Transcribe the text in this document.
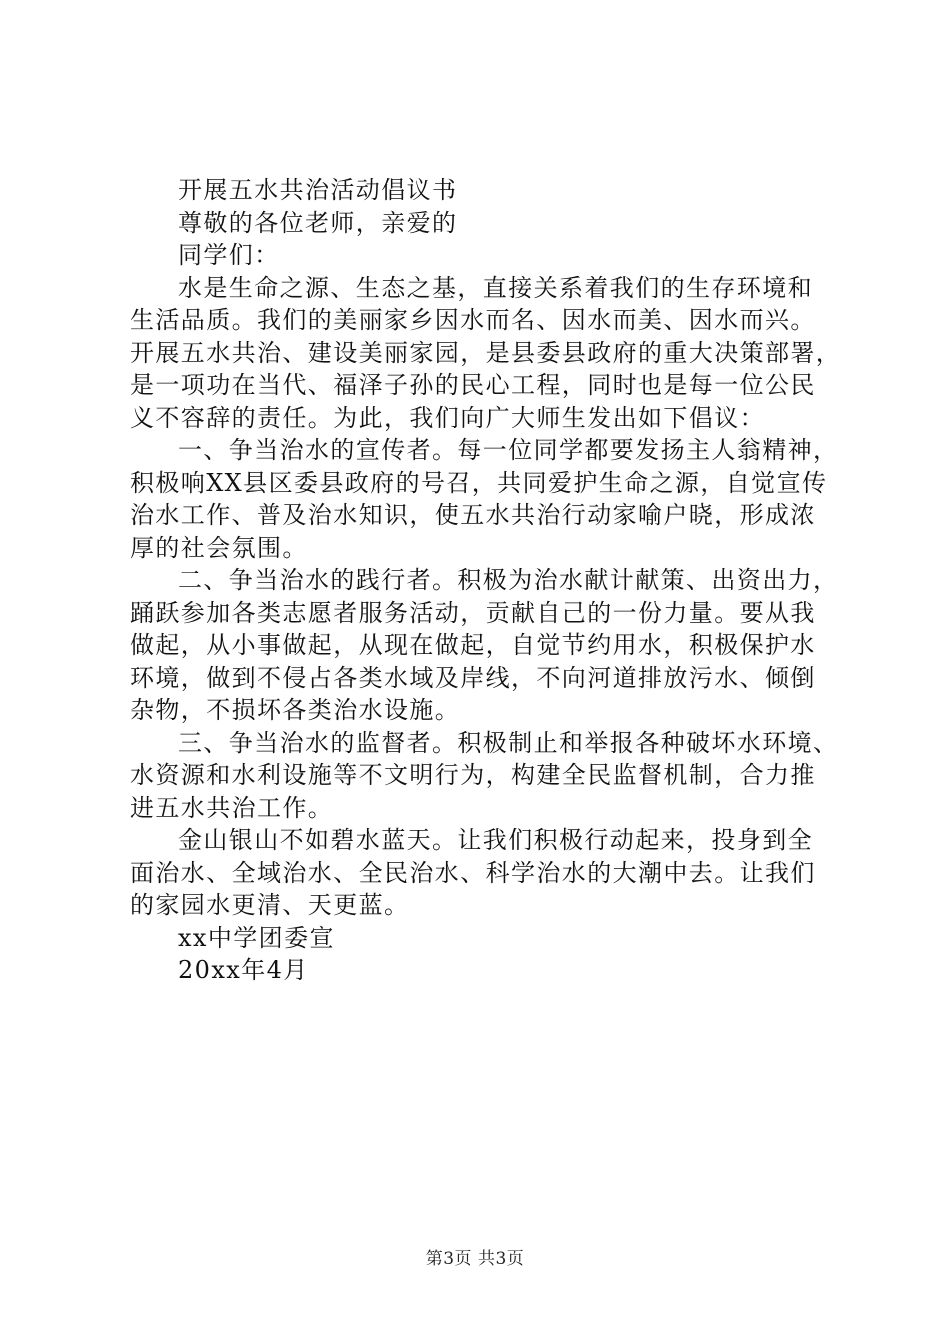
开展五水共治活动倡议书
尊敬的各位老师，亲爱的
同学们：
水是生命之源、生态之基，直接关系着我们的生存环境和
生活品质。我们的美丽家乡因水而名、因水而美、因水而兴。
开展五水共治、建设美丽家园，是县委县政府的重大决策部署，
是一项功在当代、福泽子孙的民心工程，同时也是每一位公民
义不容辞的责任。为此，我们向广大师生发出如下倡议：
一、争当治水的宣传者。每一位同学都要发扬主人翁精神，
积极响XX县区委县政府的号召，共同爱护生命之源，自觉宣传
治水工作、普及治水知识，使五水共治行动家喻户晓，形成浓
厚的社会氛围。
二、争当治水的践行者。积极为治水献计献策、出资出力，
踊跃参加各类志愿者服务活动，贡献自己的一份力量。要从我
做起，从小事做起，从现在做起，自觉节约用水，积极保护水
环境，做到不侵占各类水域及岸线，不向河道排放污水、倾倒
杂物，不损坏各类治水设施。
三、争当治水的监督者。积极制止和举报各种破坏水环境、
水资源和水利设施等不文明行为，构建全民监督机制，合力推
进五水共治工作。
金山银山不如碧水蓝天。让我们积极行动起来，投身到全
面治水、全域治水、全民治水、科学治水的大潮中去。让我们
的家园水更清、天更蓝。
xx中学团委宣
20xx年4月
第3页 共3页
